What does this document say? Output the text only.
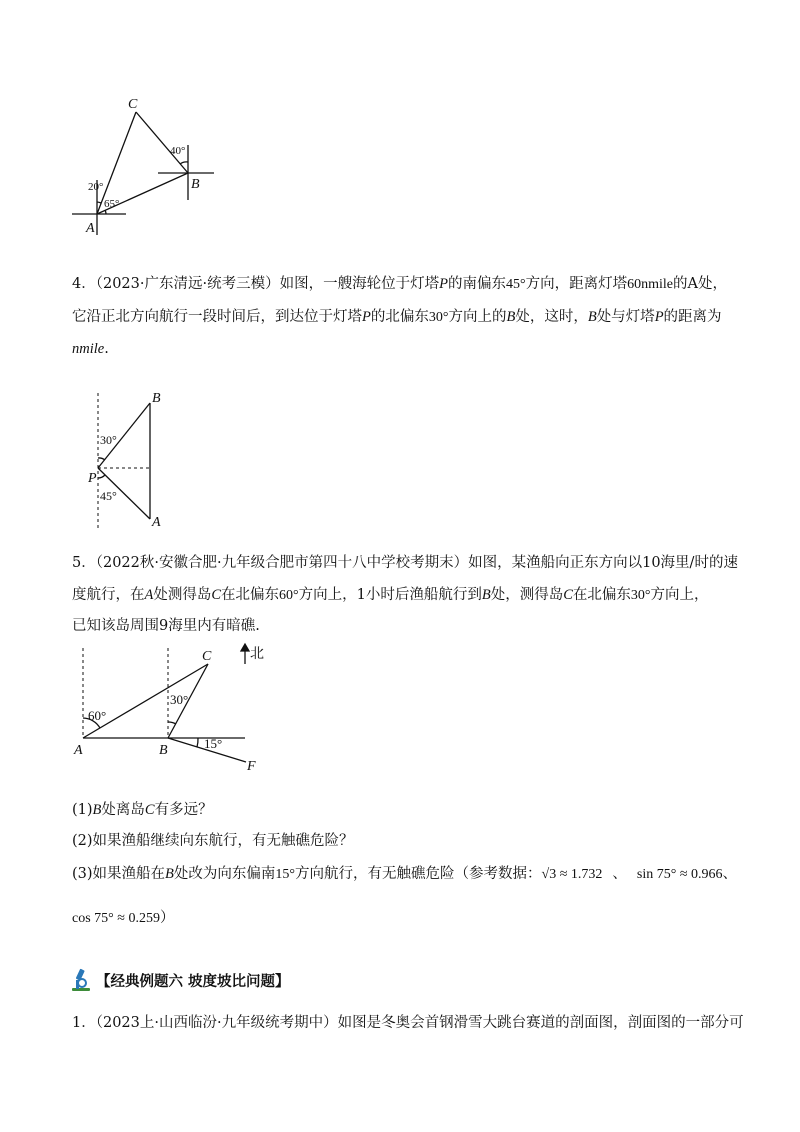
C
B
A
40°
20°
65°
4．（2023·广东清远·统考三模）如图，一艘海轮位于灯塔P的南偏东45°方向，距离灯塔60nmile的A处，
它沿正北方向航行一段时间后，到达位于灯塔P的北偏东30°方向上的B处，这时，B处与灯塔P的距离为
nmile.
B
P
A
30°
45°
5．（2022秋·安徽合肥·九年级合肥市第四十八中学校考期末）如图，某渔船向正东方向以10海里/时的速
度航行，在A处测得岛C在北偏东60°方向上，1小时后渔船航行到B处，测得岛C在北偏东30°方向上，
已知该岛周围9海里内有暗礁.
北
C
A	B
F
60°
30°
15°
(1)B处离岛C有多远？
(2)如果渔船继续向东航行，有无触礁危险？
(3)如果渔船在B处改为向东偏南15°方向航行，有无触礁危险（参考数据：√3 ≈ 1.732 、 sin 75° ≈ 0.966、
cos 75° ≈ 0.259）
【经典例题六 坡度坡比问题】
1．（2023上·山西临汾·九年级统考期中）如图是冬奥会首钢滑雪大跳台赛道的剖面图，剖面图的一部分可
